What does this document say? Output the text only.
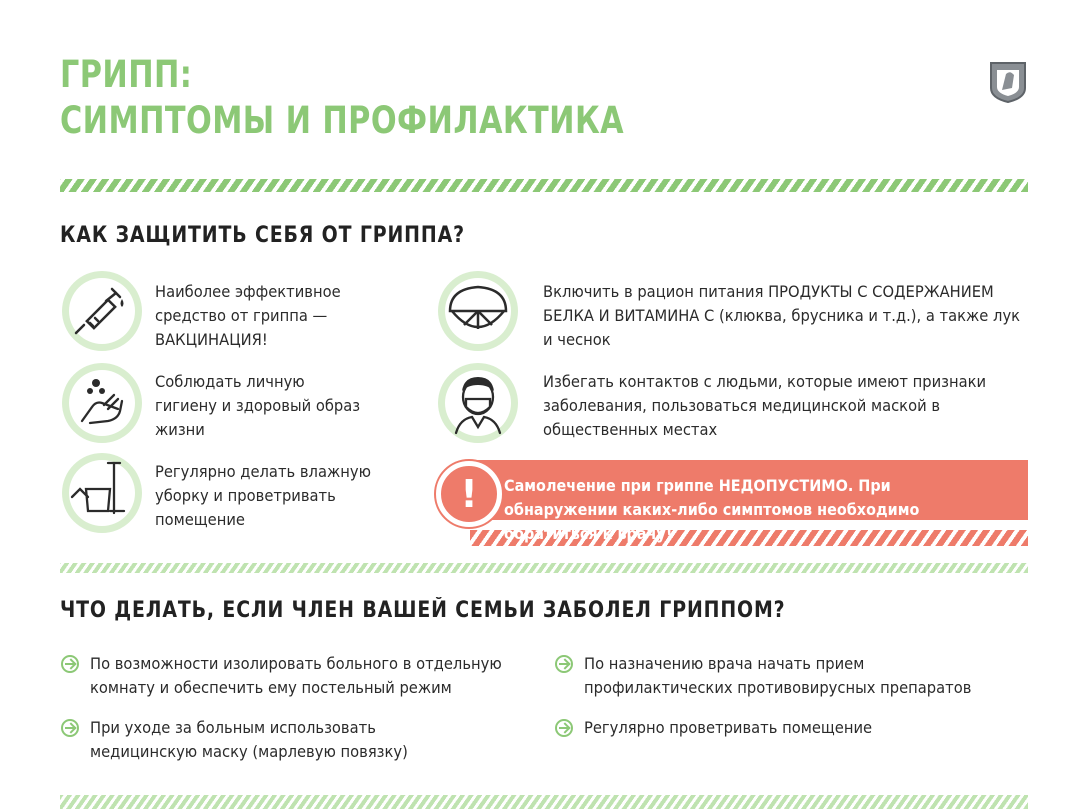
ГРИПП:
СИМПТОМЫ И ПРОФИЛАКТИКА
КАК ЗАЩИТИТЬ СЕБЯ ОТ ГРИППА?
Наиболее эффективное средство от гриппа — ВАКЦИНАЦИЯ!
Соблюдать личную гигиену и здоровый образ жизни
Регулярно делать влажную уборку и проветривать помещение
Включить в рацион питания ПРОДУКТЫ С СОДЕРЖАНИЕМ БЕЛКА И ВИТАМИНА С (клюква, брусника и т.д.), а также лук и чеснок
Избегать контактов с людьми, которые имеют признаки заболевания, пользоваться медицинской маской в общественных местах
!	Самолечение при гриппе НЕДОПУСТИМО. При обнаружении каких-либо симптомов необходимо обратиться к врачу!
ЧТО ДЕЛАТЬ, ЕСЛИ ЧЛЕН ВАШЕЙ СЕМЬИ ЗАБОЛЕЛ ГРИППОМ?
По возможности изолировать больного в отдельную комнату и обеспечить ему постельный режим
При уходе за больным использовать медицинскую маску (марлевую повязку)
По назначению врача начать прием профилактических противовирусных препаратов
Регулярно проветривать помещение
